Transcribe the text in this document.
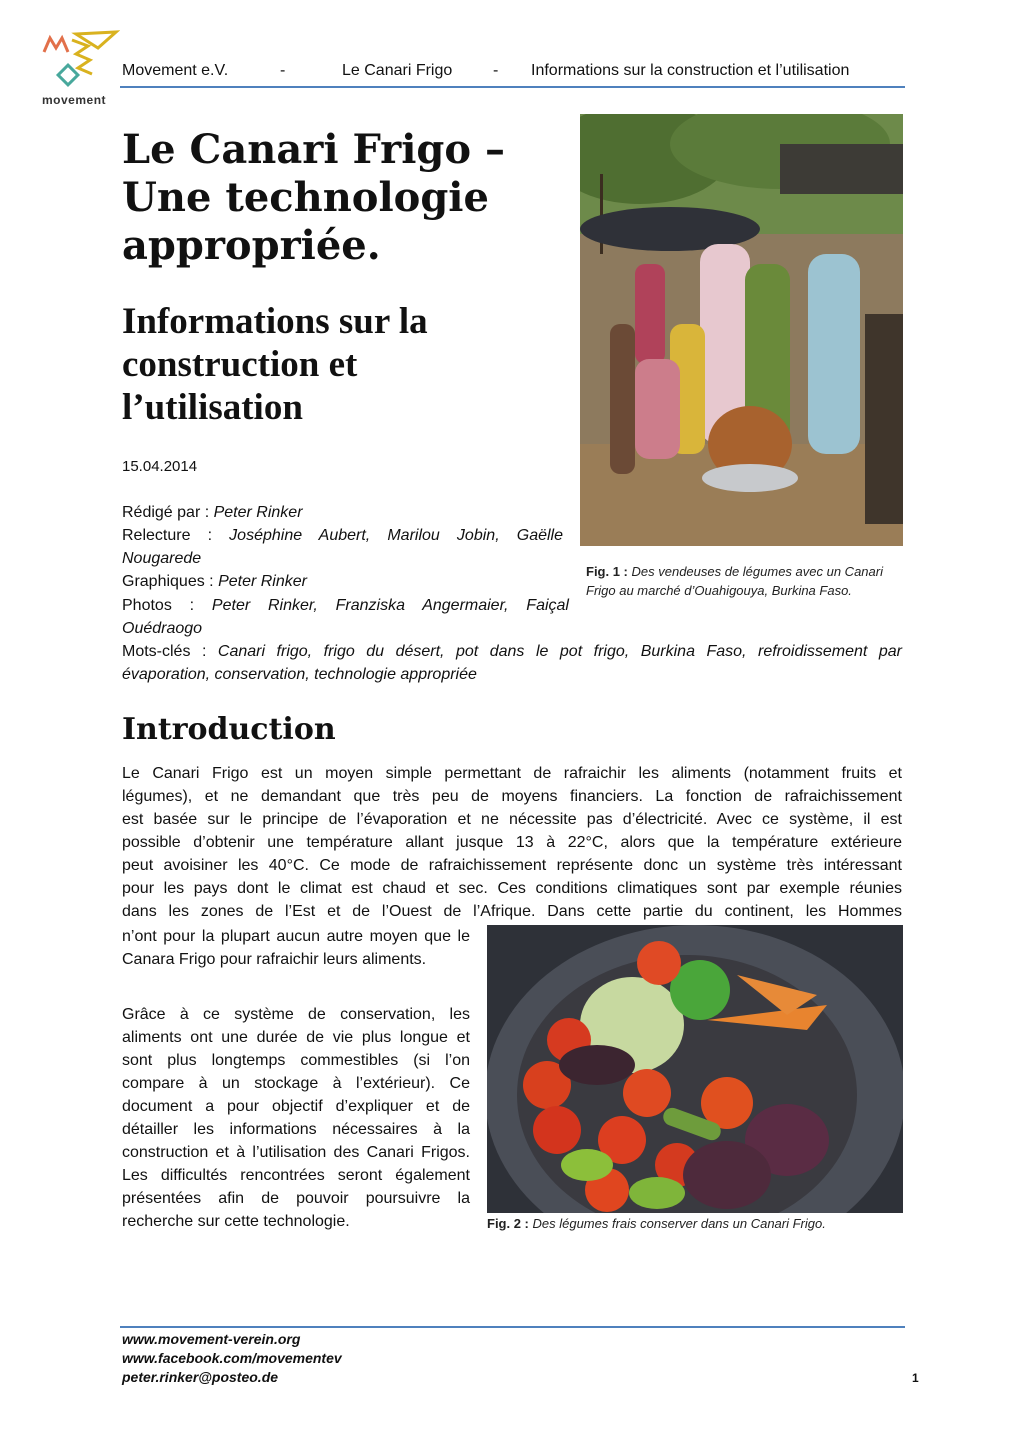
movement
Movement e.V.	-	Le Canari Frigo	- Informations sur la construction et l’utilisation
Le Canari Frigo –
Une technologie
appropriée.
Informations sur la
construction et
l’utilisation
15.04.2014
Rédigé par : Peter Rinker
Relecture : Joséphine Aubert, Marilou Jobin, Gaëlle
Nougarede
Graphiques : Peter Rinker
Photos : Peter Rinker, Franziska Angermaier, Faiçal
Ouédraogo
Mots-clés : Canari frigo, frigo du désert, pot dans le pot frigo, Burkina Faso, refroidissement par
évaporation, conservation, technologie appropriée
Fig. 1 : Des vendeuses de légumes avec un Canari Frigo au marché d’Ouahigouya, Burkina Faso.
Introduction
Le Canari Frigo est un moyen simple permettant de rafraichir les aliments (notamment fruits et
légumes), et ne demandant que très peu de moyens financiers. La fonction de rafraichissement
est basée sur le principe de l’évaporation et ne nécessite pas d’électricité. Avec ce système, il est
possible d’obtenir une température allant jusque 13 à 22°C, alors que la température extérieure
peut avoisiner les 40°C. Ce mode de rafraichissement représente donc un système très intéressant
pour les pays dont le climat est chaud et sec. Ces conditions climatiques sont par exemple réunies
dans les zones de l’Est et de l’Ouest de l’Afrique. Dans cette partie du continent, les Hommes

n’ont pour la plupart aucun autre moyen que le Canara Frigo pour rafraichir leurs aliments.

Grâce à ce système de conservation, les aliments ont une durée de vie plus longue et sont plus longtemps commestibles (si l’on compare à un stockage à l’extérieur). Ce document a pour objectif d’expliquer et de détailler les informations nécessaires à la construction et à l’utilisation des Canari Frigos. Les difficultés rencontrées seront également présentées afin de pouvoir poursuivre la recherche sur cette technologie.	Fig. 2 : Des légumes frais conserver dans un Canari Frigo.
www.movement-verein.org
www.facebook.com/movementev
peter.rinker@posteo.de	1
